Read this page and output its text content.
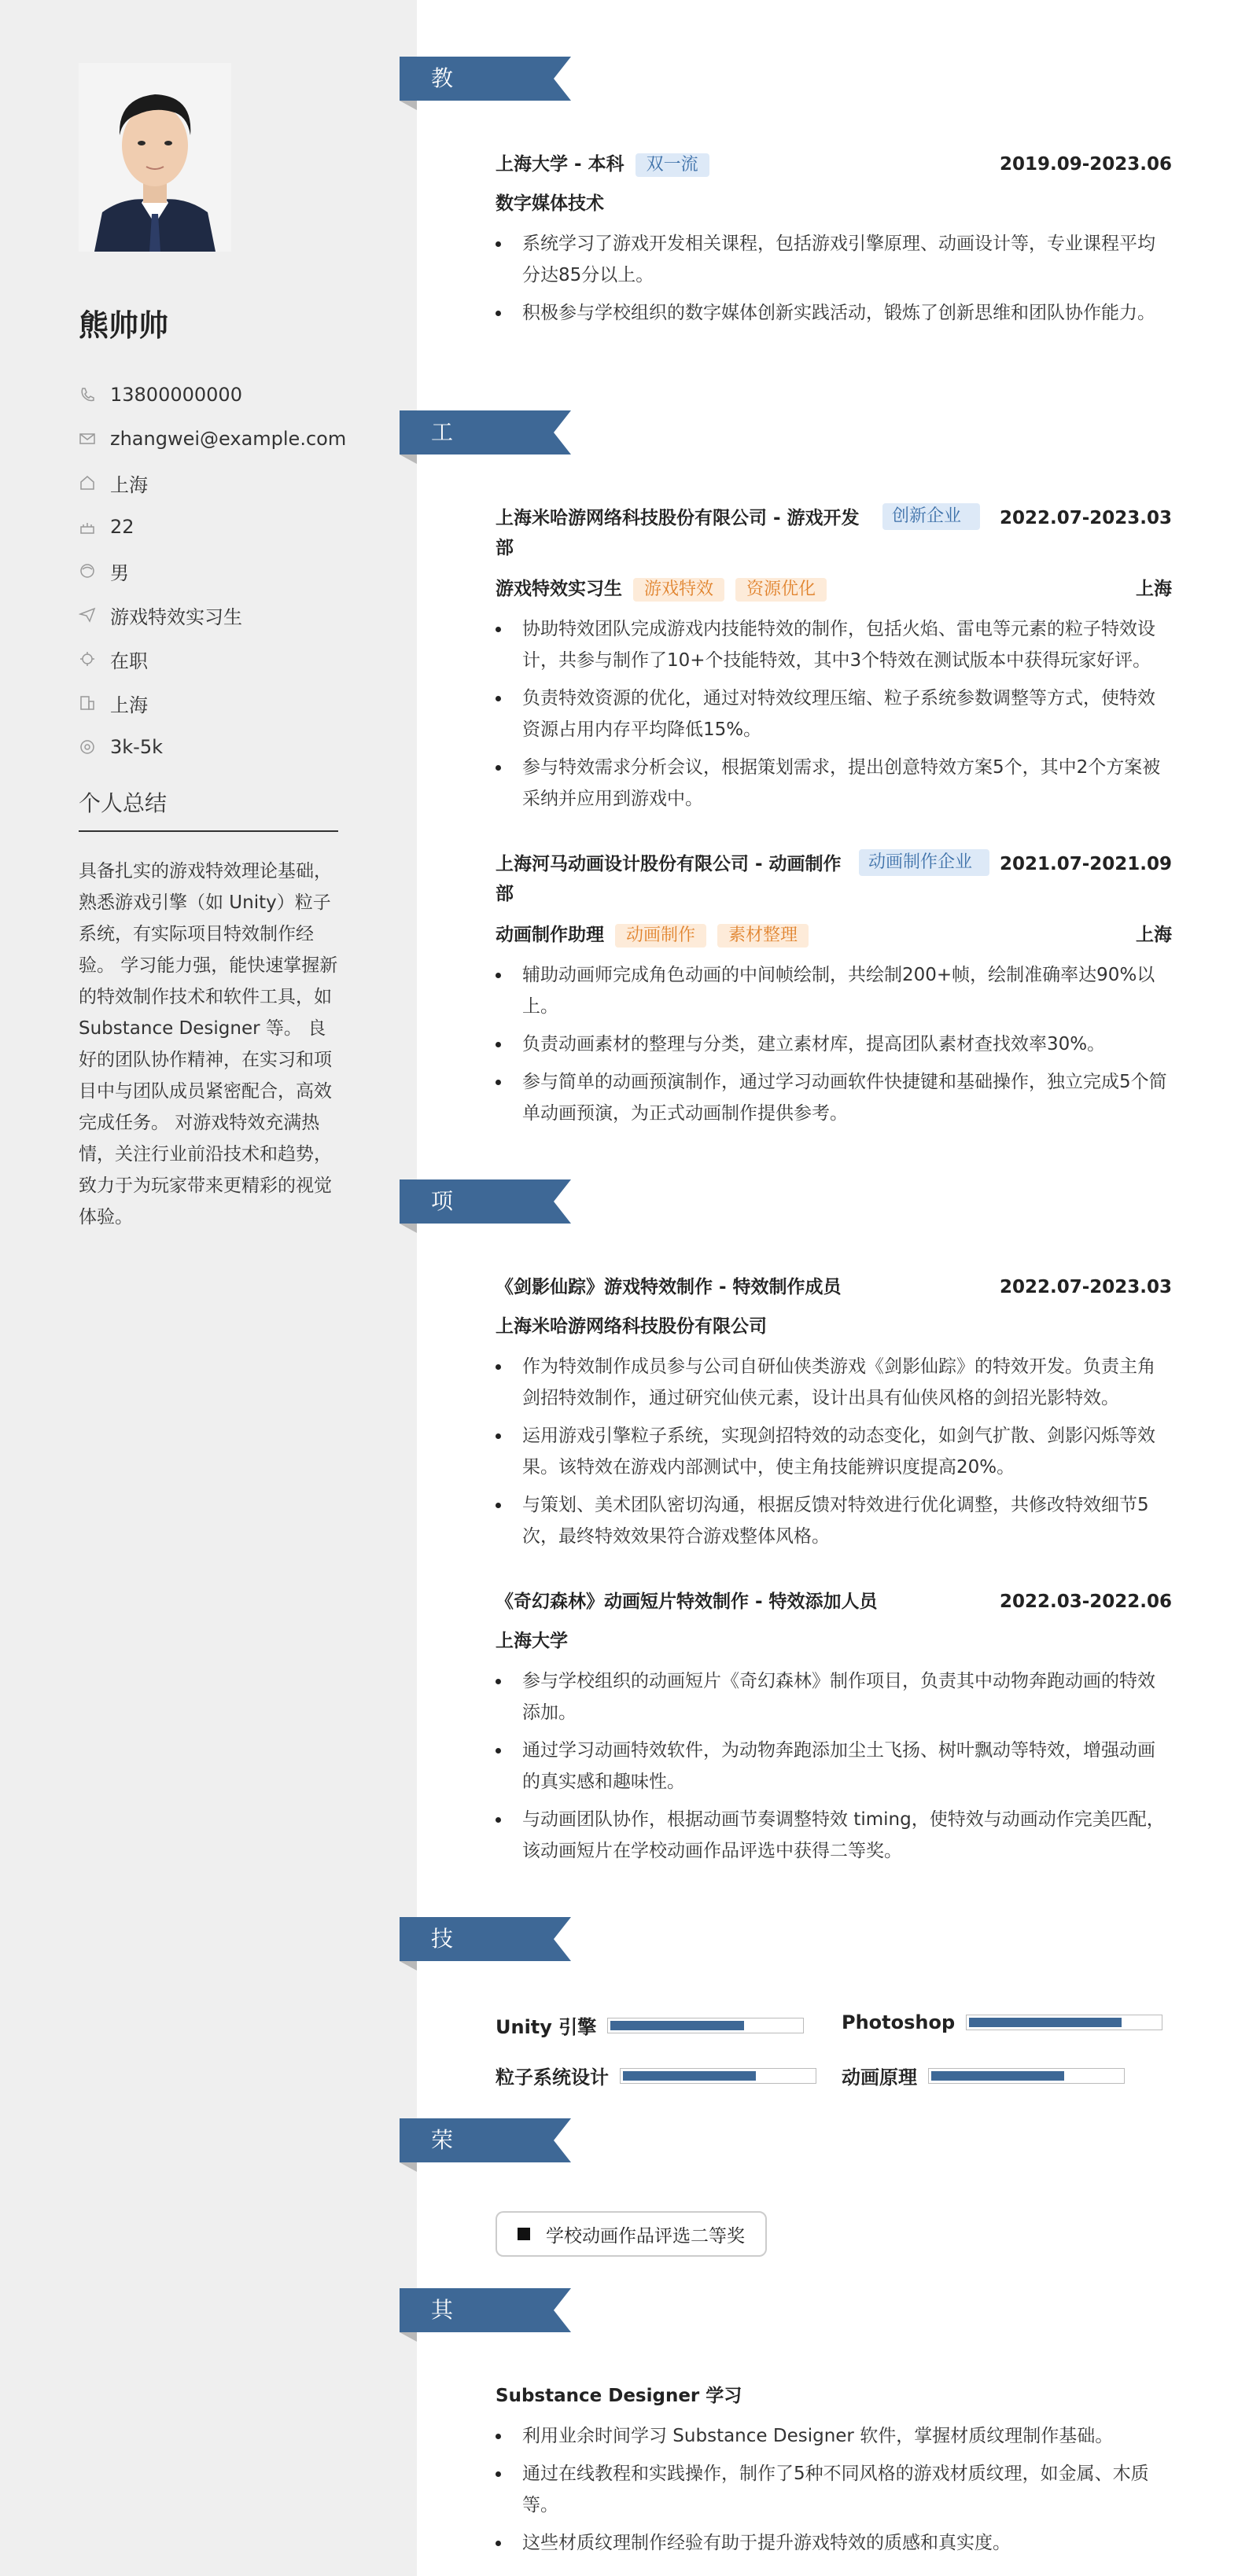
熊帅帅
13800000000
zhangwei@example.com
上海
22
男
游戏特效实习生
在职
上海
3k-5k
个人总结
具备扎实的游戏特效理论基础，熟悉游戏引擎（如 Unity）粒子系统，有实际项目特效制作经验。 学习能力强，能快速掌握新的特效制作技术和软件工具，如 Substance Designer 等。 良好的团队协作精神，在实习和项目中与团队成员紧密配合，高效完成任务。 对游戏特效充满热情，关注行业前沿技术和趋势，致力于为玩家带来更精彩的视觉体验。
教育经历
上海大学 - 本科 双一流	2019.09-2023.06
数字媒体技术
系统学习了游戏开发相关课程，包括游戏引擎原理、动画设计等，专业课程平均分达85分以上。
积极参与学校组织的数字媒体创新实践活动，锻炼了创新思维和团队协作能力。
工作经历
上海米哈游网络科技股份有限公司 - 游戏开发部
创新企业	2022.07-2023.03
游戏特效实习生 游戏特效 资源优化	上海
协助特效团队完成游戏内技能特效的制作，包括火焰、雷电等元素的粒子特效设计，共参与制作了10+个技能特效，其中3个特效在测试版本中获得玩家好评。
负责特效资源的优化，通过对特效纹理压缩、粒子系统参数调整等方式，使特效资源占用内存平均降低15%。
参与特效需求分析会议，根据策划需求，提出创意特效方案5个，其中2个方案被采纳并应用到游戏中。
上海河马动画设计股份有限公司 - 动画制作部
动画制作企业	2021.07-2021.09
动画制作助理 动画制作 素材整理	上海
辅助动画师完成角色动画的中间帧绘制，共绘制200+帧，绘制准确率达90%以上。
负责动画素材的整理与分类，建立素材库，提高团队素材查找效率30%。
参与简单的动画预演制作，通过学习动画软件快捷键和基础操作，独立完成5个简单动画预演，为正式动画制作提供参考。
项目经历
《剑影仙踪》游戏特效制作 - 特效制作成员	2022.07-2023.03
上海米哈游网络科技股份有限公司
作为特效制作成员参与公司自研仙侠类游戏《剑影仙踪》的特效开发。负责主角剑招特效制作，通过研究仙侠元素，设计出具有仙侠风格的剑招光影特效。
运用游戏引擎粒子系统，实现剑招特效的动态变化，如剑气扩散、剑影闪烁等效果。该特效在游戏内部测试中，使主角技能辨识度提高20%。
与策划、美术团队密切沟通，根据反馈对特效进行优化调整，共修改特效细节5次，最终特效效果符合游戏整体风格。
《奇幻森林》动画短片特效制作 - 特效添加人员	2022.03-2022.06
上海大学
参与学校组织的动画短片《奇幻森林》制作项目，负责其中动物奔跑动画的特效添加。
通过学习动画特效软件，为动物奔跑添加尘土飞扬、树叶飘动等特效，增强动画的真实感和趣味性。
与动画团队协作，根据动画节奏调整特效 timing，使特效与动画动作完美匹配，该动画短片在学校动画作品评选中获得二等奖。
技能专长
Unity 引擎	Photoshop
粒子系统设计	动画原理
荣誉奖项
学校动画作品评选二等奖
其他信息
Substance Designer 学习
利用业余时间学习 Substance Designer 软件，掌握材质纹理制作基础。
通过在线教程和实践操作，制作了5种不同风格的游戏材质纹理，如金属、木质等。
这些材质纹理制作经验有助于提升游戏特效的质感和真实度。
